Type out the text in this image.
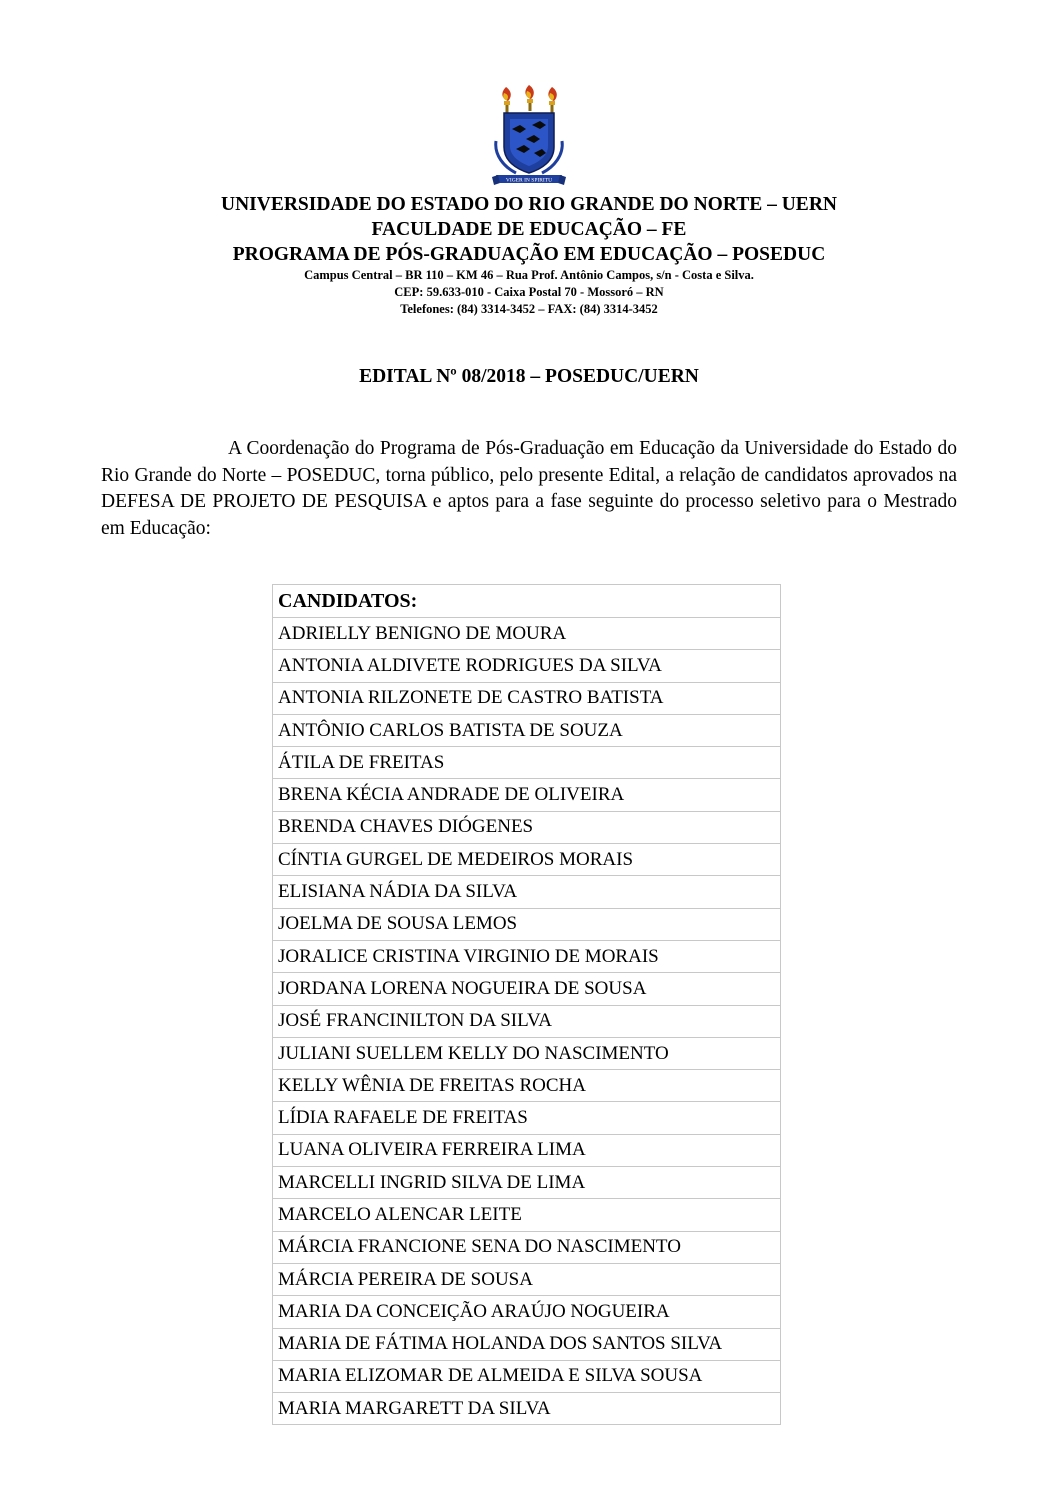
VIGER IN SPIRITU
UNIVERSIDADE DO ESTADO DO RIO GRANDE DO NORTE – UERN
FACULDADE DE EDUCAÇÃO – FE
PROGRAMA DE PÓS-GRADUAÇÃO EM EDUCAÇÃO – POSEDUC
Campus Central – BR 110 – KM 46 – Rua Prof. Antônio Campos, s/n - Costa e Silva.
CEP: 59.633-010 - Caixa Postal 70 - Mossoró – RN
Telefones: (84) 3314-3452 – FAX: (84) 3314-3452
EDITAL Nº 08/2018 – POSEDUC/UERN
A Coordenação do Programa de Pós-Graduação em Educação da Universidade do Estado do Rio Grande do Norte – POSEDUC, torna público, pelo presente Edital, a relação de candidatos aprovados na DEFESA DE PROJETO DE PESQUISA e aptos para a fase seguinte do processo seletivo para o Mestrado em Educação:
CANDIDATOS:
ADRIELLY BENIGNO DE MOURA
ANTONIA ALDIVETE RODRIGUES DA SILVA
ANTONIA RILZONETE DE CASTRO BATISTA
ANTÔNIO CARLOS BATISTA DE SOUZA
ÁTILA DE FREITAS
BRENA KÉCIA ANDRADE DE OLIVEIRA
BRENDA CHAVES DIÓGENES
CÍNTIA GURGEL DE MEDEIROS MORAIS
ELISIANA NÁDIA DA SILVA
JOELMA DE SOUSA LEMOS
JORALICE CRISTINA VIRGINIO DE MORAIS
JORDANA LORENA NOGUEIRA DE SOUSA
JOSÉ FRANCINILTON DA SILVA
JULIANI SUELLEM KELLY DO NASCIMENTO
KELLY WÊNIA DE FREITAS ROCHA
LÍDIA RAFAELE DE FREITAS
LUANA OLIVEIRA FERREIRA LIMA
MARCELLI INGRID SILVA DE LIMA
MARCELO ALENCAR LEITE
MÁRCIA FRANCIONE SENA DO NASCIMENTO
MÁRCIA PEREIRA DE SOUSA
MARIA DA CONCEIÇÃO ARAÚJO NOGUEIRA
MARIA DE FÁTIMA HOLANDA DOS SANTOS SILVA
MARIA ELIZOMAR DE ALMEIDA E SILVA SOUSA
MARIA MARGARETT DA SILVA
